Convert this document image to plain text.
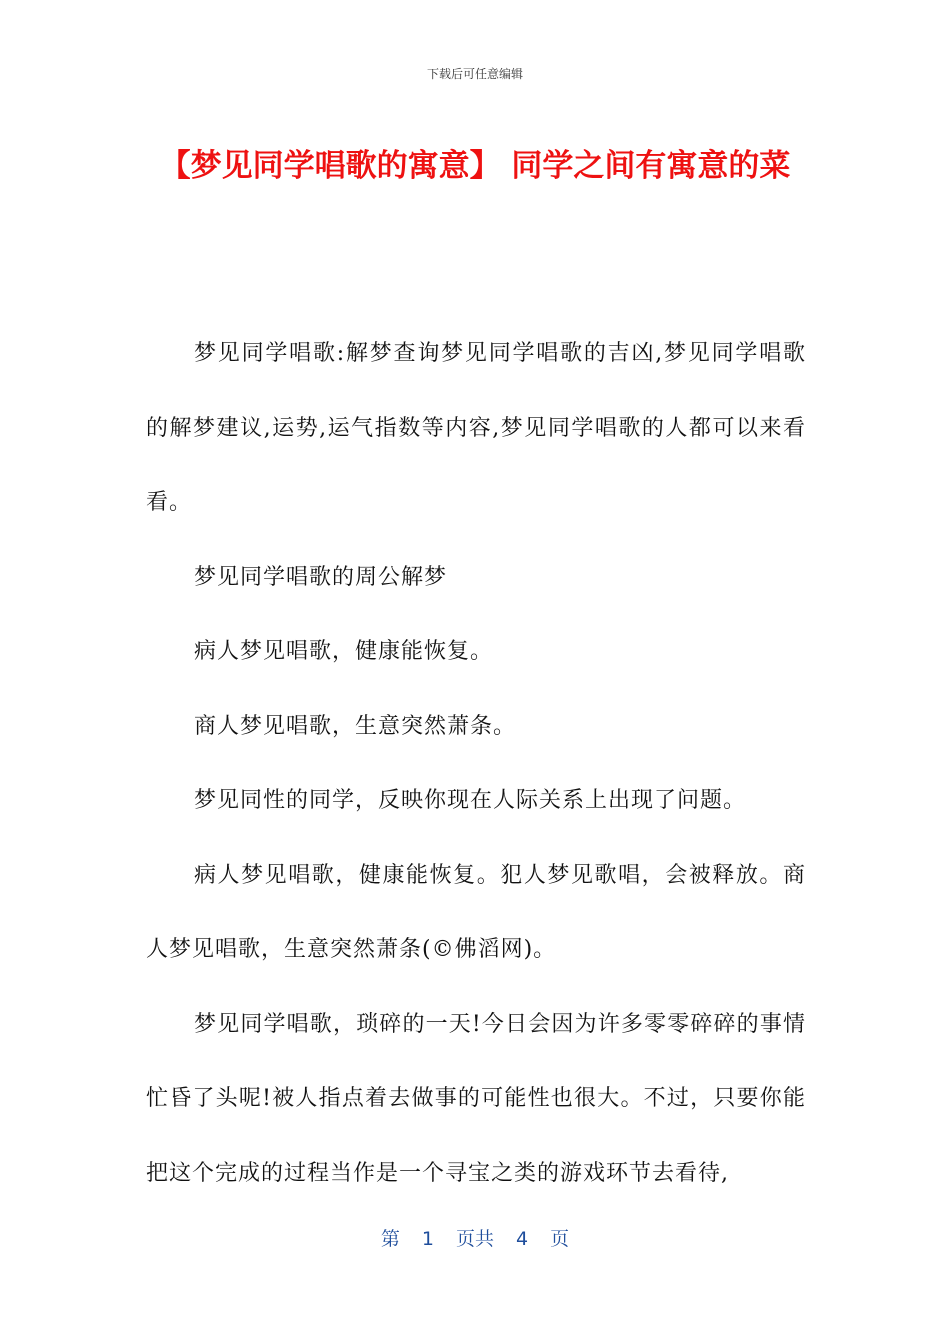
下载后可任意编辑
【梦见同学唱歌的寓意】 同学之间有寓意的菜

梦见同学唱歌:解梦查询梦见同学唱歌的吉凶,梦见同学唱歌的解梦建议,运势,运气指数等内容,梦见同学唱歌的人都可以来看看。

梦见同学唱歌的周公解梦

病人梦见唱歌，健康能恢复。

商人梦见唱歌，生意突然萧条。

梦见同性的同学，反映你现在人际关系上出现了问题。

病人梦见唱歌，健康能恢复。犯人梦见歌唱，会被释放。商人梦见唱歌，生意突然萧条(©佛滔网)。

梦见同学唱歌，琐碎的一天!今日会因为许多零零碎碎的事情忙昏了头呢!被人指点着去做事的可能性也很大。不过，只要你能把这个完成的过程当作是一个寻宝之类的游戏环节去看待,

第 1 页共 4 页
